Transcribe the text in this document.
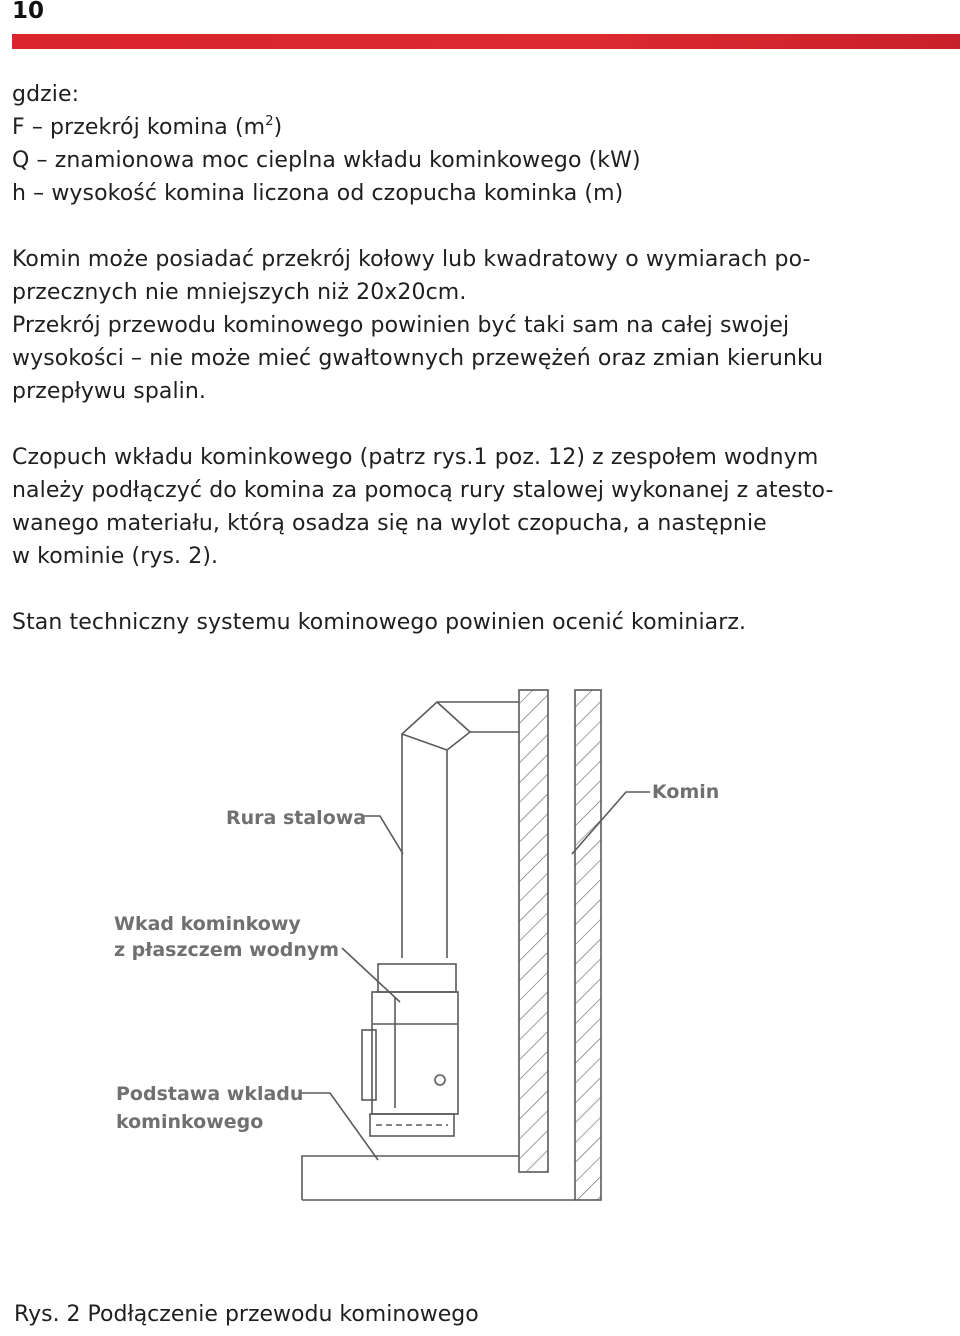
10

gdzie:

F – przekrój komina $(m^2)$

Q – znamionowa moc cieplna wkładu kominkowego (kW)

h – wysokość komina liczona od czopucha kominka (m)

Komin może posiadać przekrój kołowy lub kwadratowy o wymiarach po-

przecznych nie mniejszych niż 20x20cm.

Przekrój przewodu kominowego powinien być taki sam na całej swojej

wysokości – nie może mieć gwałtownych przewężeń oraz zmian kierunku

przepływu spalin.

Czopuch wkładu kominkowego (patrz rys.1 poz. 12) z zespołem wodnym

należy podłączyć do komina za pomocą rury stalowej wykonanej z atesto-

wanego materiału, którą osadza się na wylot czopucha, a następnie

w kominie (rys. 2).

Stan techniczny systemu kominowego powinien ocenić kominiarz.

Komin
Rura stalowa
Wkad kominkowy
z płaszczem wodnym
Podstawa wkladu
kominkowego
Rys. 2 Podłączenie przewodu kominowego
